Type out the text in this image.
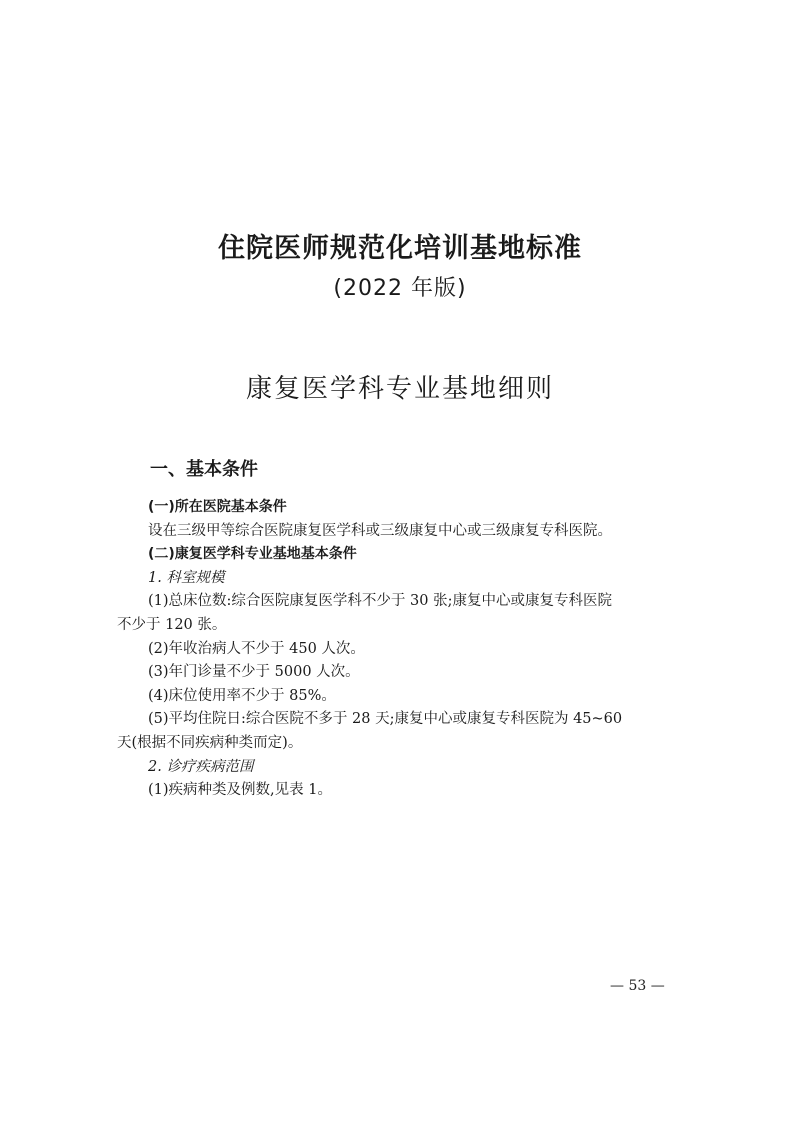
住院医师规范化培训基地标准
(2022 年版)
康复医学科专业基地细则
一、基本条件
(一)所在医院基本条件
设在三级甲等综合医院康复医学科或三级康复中心或三级康复专科医院。
(二)康复医学科专业基地基本条件
1. 科室规模
(1)总床位数:综合医院康复医学科不少于 30 张;康复中心或康复专科医院
不少于 120 张。
(2)年收治病人不少于 450 人次。
(3)年门诊量不少于 5000 人次。
(4)床位使用率不少于 85%。
(5)平均住院日:综合医院不多于 28 天;康复中心或康复专科医院为 45~60
天(根据不同疾病种类而定)。
2. 诊疗疾病范围
(1)疾病种类及例数,见表 1。
— 53 —
